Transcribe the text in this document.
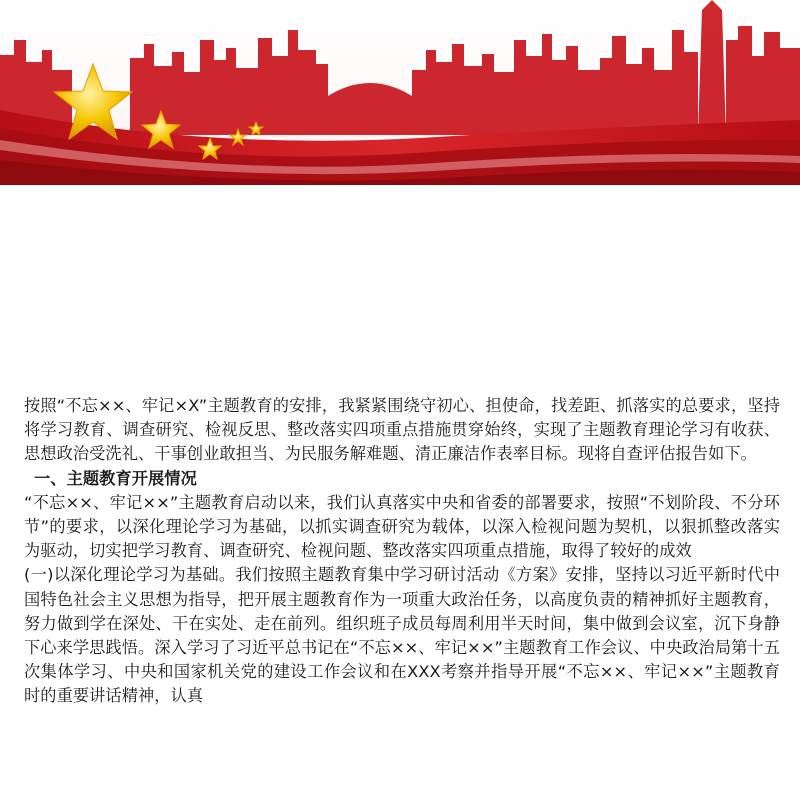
按照“不忘××、牢记×X”主题教育的安排，我紧紧围绕守初心、担使命，找差距、抓落实的总要求，坚持将学习教育、调查研究、检视反思、整改落实四项重点措施贯穿始终，实现了主题教育理论学习有收获、思想政治受洗礼、干事创业敢担当、为民服务解难题、清正廉洁作表率目标。现将自查评估报告如下。

一、主题教育开展情况

“不忘××、牢记××”主题教育启动以来，我们认真落实中央和省委的部署要求，按照“不划阶段、不分环节”的要求，以深化理论学习为基础，以抓实调查研究为载体，以深入检视问题为契机，以狠抓整改落实为驱动，切实把学习教育、调查研究、检视问题、整改落实四项重点措施，取得了较好的成效

(一)以深化理论学习为基础。我们按照主题教育集中学习研讨活动《方案》安排，坚持以习近平新时代中国特色社会主义思想为指导，把开展主题教育作为一项重大政治任务，以高度负责的精神抓好主题教育，努力做到学在深处、干在实处、走在前列。组织班子成员每周利用半天时间，集中做到会议室，沉下身静下心来学思践悟。深入学习了习近平总书记在“不忘××、牢记××”主题教育工作会议、中央政治局第十五次集体学习、中央和国家机关党的建设工作会议和在XXX考察并指导开展“不忘××、牢记××”主题教育时的重要讲话精神，认真
